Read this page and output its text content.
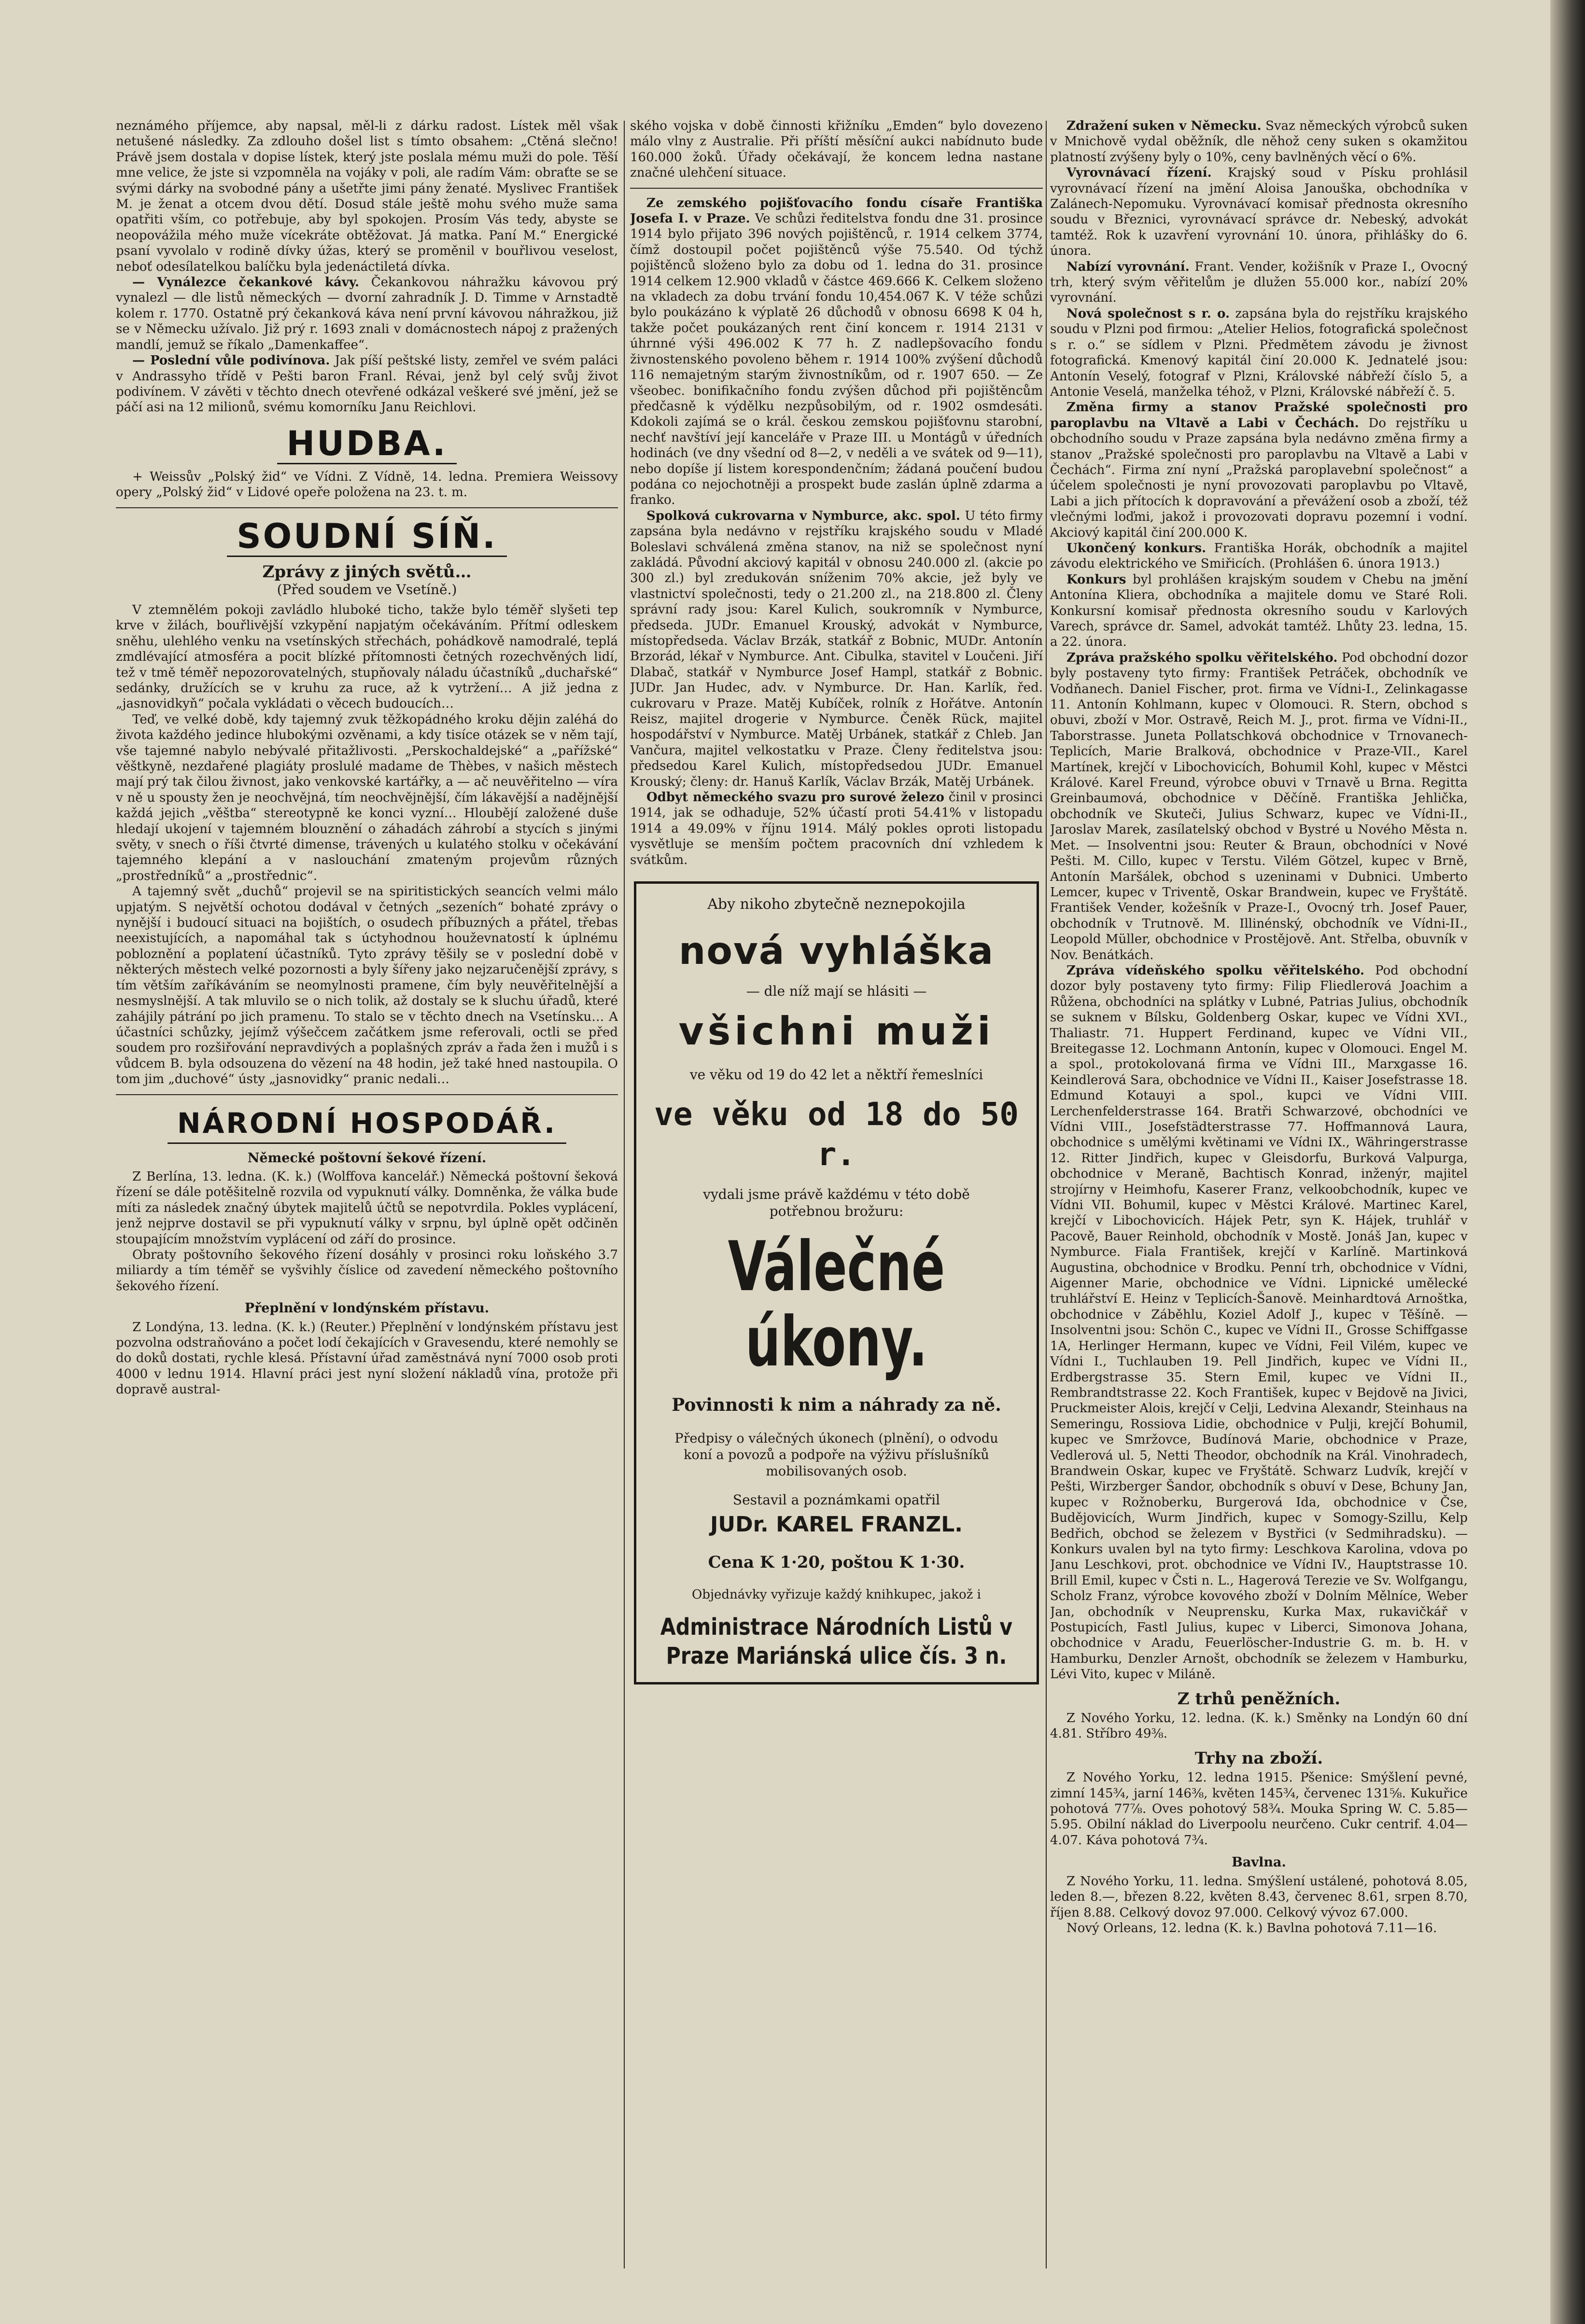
neznámého příjemce, aby napsal, měl-li z dárku radost. Lístek měl však netušené následky. Za zdlouho došel list s tímto obsahem: „Ctěná slečno! Právě jsem dostala v dopise lístek, který jste poslala mému muži do pole. Těší mne velice, že jste si vzpomněla na vojáky v poli, ale radím Vám: obraťte se se svými dárky na svobodné pány a ušetřte jimi pány ženaté. Myslivec František M. je ženat a otcem dvou dětí. Dosud stále ještě mohu svého muže sama opatřiti vším, co potřebuje, aby byl spokojen. Prosím Vás tedy, abyste se neopovážila mého muže vícekráte obtěžovat. Já matka. Paní M.“ Energické psaní vyvolalo v rodině dívky úžas, který se proměnil v bouřlivou veselost, neboť odesílatelkou balíčku byla jedenáctiletá dívka.

— Vynálezce čekankové kávy. Čekankovou náhražku kávovou prý vynalezl — dle listů německých — dvorní zahradník J. D. Timme v Arnstadtě kolem r. 1770. Ostatně prý čekanková káva není první kávovou náhražkou, již se v Německu užívalo. Již prý r. 1693 znali v domácnostech nápoj z pražených mandlí, jemuž se říkalo „Damenkaffee“.

— Poslední vůle podivínova. Jak píší peštské listy, zemřel ve svém paláci v Andrassyho třídě v Pešti baron Franl. Révai, jenž byl celý svůj život podivínem. V závěti v těchto dnech otevřené odkázal veškeré své jmění, jež se páčí asi na 12 milionů, svému komorníku Janu Reichlovi.

HUDBA.

+ Weissův „Polský žid“ ve Vídni. Z Vídně, 14. ledna. Premiera Weissovy opery „Polský žid“ v Lidové opeře položena na 23. t. m.

SOUDNÍ SÍŇ.

Zprávy z jiných světů…

(Před soudem ve Vsetíně.)

V ztemnělém pokoji zavládlo hluboké ticho, takže bylo téměř slyšeti tep krve v žilách, bouřlivější vzkypění napjatým očekáváním. Přítmí odleskem sněhu, ulehlého venku na vsetínských střechách, pohádkově namodralé, teplá zmdlévající atmosféra a pocit blízké přítomnosti četných rozechvěných lidí, tež v tmě téměř nepozorovatelných, stupňovaly náladu účastníků „duchařské“ sedánky, družících se v kruhu za ruce, až k vytržení… A již jedna z „jasnovidkyň“ počala vykládati o věcech budoucích…

Teď, ve velké době, kdy tajemný zvuk těžkopádného kroku dějin zaléhá do života každého jedince hlubokými ozvěnami, a kdy tisíce otázek se v něm tají, vše tajemné nabylo nebývalé přitažlivosti. „Perskochaldejské“ a „pařížské“ věštkyně, nezdařené plagiáty proslulé madame de Thèbes, v našich městech mají prý tak čilou živnost, jako venkovské kartářky, a — ač neuvěřitelno — víra v ně u spousty žen je neochvějná, tím neochvějnější, čím lákavější a nadějnější každá jejich „věštba“ stereotypně ke konci vyzní… Hloubějí založené duše hledají ukojení v tajemném blouznění o záhadách záhrobí a stycích s jinými světy, v snech o říši čtvrté dimense, trávených u kulatého stolku v očekávání tajemného klepání a v naslouchání zmateným projevům různých „prostředníků“ a „prostřednic“.

A tajemný svět „duchů“ projevil se na spiritistických seancích velmi málo upjatým. S největší ochotou dodával v četných „sezeních“ bohaté zprávy o nynější i budoucí situaci na bojištích, o osudech příbuzných a přátel, třebas neexistujících, a napomáhal tak s úctyhodnou houževnatostí k úplnému pobloznění a poplatení účastníků. Tyto zprávy těšily se v poslední době v některých městech velké pozornosti a byly šířeny jako nejzaručenější zprávy, s tím větším zaříkáváním se neomylnosti pramene, čím byly neuvěřitelnější a nesmyslnější. A tak mluvilo se o nich tolik, až dostaly se k sluchu úřadů, které zahájily pátrání po jich pramenu. To stalo se v těchto dnech na Vsetínsku… A účastníci schůzky, jejímž výšečcem začátkem jsme referovali, octli se před soudem pro rozšiřování nepravdivých a poplašných zpráv a řada žen i mužů i s vůdcem B. byla odsouzena do vězení na 48 hodin, jež také hned nastoupila. O tom jim „duchové“ ústy „jasnovidky“ pranic nedali…

NÁRODNÍ HOSPODÁŘ.

Německé poštovní šekové řízení.

Z Berlína, 13. ledna. (K. k.) (Wolffova kancelář.) Německá poštovní šeková řízení se dále potěšitelně rozvila od vypuknutí války. Domněnka, že válka bude míti za následek značný úbytek majitelů účtů se nepotvrdila. Pokles vyplácení, jenž nejprve dostavil se při vypuknutí války v srpnu, byl úplně opět odčiněn stoupajícím množstvím vyplácení od září do prosince.

Obraty poštovního šekového řízení dosáhly v prosinci roku loňského 3.7 miliardy a tím téměř se vyšvihly číslice od zavedení německého poštovního šekového řízení.

Přeplnění v londýnském přístavu.

Z Londýna, 13. ledna. (K. k.) (Reuter.) Přeplnění v londýnském přístavu jest pozvolna odstraňováno a počet lodí čekajících v Gravesendu, které nemohly se do doků dostati, rychle klesá. Přístavní úřad zaměstnává nyní 7000 osob proti 4000 v lednu 1914. Hlavní práci jest nyní složení nákladů vína, protože při dopravě austral-

ského vojska v době činnosti křižníku „Emden“ bylo dovezeno málo vlny z Australie. Při příští měsíční aukci nabídnuto bude 160.000 žoků. Úřady očekávají, že koncem ledna nastane značné ulehčení situace.

Ze zemského pojišťovacího fondu císaře Františka Josefa I. v Praze. Ve schůzi ředitelstva fondu dne 31. prosince 1914 bylo přijato 396 nových pojištěnců, r. 1914 celkem 3774, čímž dostoupil počet pojištěnců výše 75.540. Od týchž pojištěnců složeno bylo za dobu od 1. ledna do 31. prosince 1914 celkem 12.900 vkladů v částce 469.666 K. Celkem složeno na vkladech za dobu trvání fondu 10,454.067 K. V téže schůzi bylo poukázáno k výplatě 26 důchodů v obnosu 6698 K 04 h, takže počet poukázaných rent činí koncem r. 1914 2131 v úhrnné výši 496.002 K 77 h. Z nadlepšovacího fondu živnostenského povoleno během r. 1914 100% zvýšení důchodů 116 nemajetným starým živnostníkům, od r. 1907 650. — Ze všeobec. bonifikačního fondu zvýšen důchod při pojištěncům předčasně k výdělku nezpůsobilým, od r. 1902 osmdesáti. Kdokoli zajímá se o král. českou zemskou pojišťovnu starobní, nechť navštíví její kanceláře v Praze III. u Montágů v úředních hodinách (ve dny všední od 8—2, v neděli a ve svátek od 9—11), nebo dopíše jí listem korespondenčním; žádaná poučení budou podána co nejochotněji a prospekt bude zaslán úplně zdarma a franko.

Spolková cukrovarna v Nymburce, akc. spol. U této firmy zapsána byla nedávno v rejstříku krajského soudu v Mladé Boleslavi schválená změna stanov, na niž se společnost nyní zakládá. Původní akciový kapitál v obnosu 240.000 zl. (akcie po 300 zl.) byl zredukován sníženim 70% akcie, jež byly ve vlastnictví společnosti, tedy o 21.200 zl., na 218.800 zl. Členy správní rady jsou: Karel Kulich, soukromník v Nymburce, předseda. JUDr. Emanuel Krouský, advokát v Nymburce, místopředseda. Václav Brzák, statkář z Bobnic, MUDr. Antonín Brzorád, lékař v Nymburce. Ant. Cibulka, stavitel v Loučeni. Jiří Dlabač, statkář v Nymburce Josef Hampl, statkář z Bobnic. JUDr. Jan Hudec, adv. v Nymburce. Dr. Han. Karlík, řed. cukrovaru v Praze. Matěj Kubíček, rolník z Hořátve. Antonín Reisz, majitel drogerie v Nymburce. Čeněk Rück, majitel hospodářství v Nymburce. Matěj Urbánek, statkář z Chleb. Jan Vančura, majitel velkostatku v Praze. Členy ředitelstva jsou: předsedou Karel Kulich, místopředsedou JUDr. Emanuel Krouský; členy: dr. Hanuš Karlík, Václav Brzák, Matěj Urbánek.

Odbyt německého svazu pro surové železo činil v prosinci 1914, jak se odhaduje, 52% účastí proti 54.41% v listopadu 1914 a 49.09% v říjnu 1914. Málý pokles oproti listopadu vysvětluje se menším počtem pracovních dní vzhledem k svátkům.

Aby nikoho zbytečně neznepokojila
nová vyhláška
— dle níž mají se hlásiti —
všichni muži
ve věku od 19 do 42 let a něktří řemeslníci
ve věku od 18 do 50 r.
vydali jsme právě každému v této době potřebnou brožuru:
Válečné úkony.
Povinnosti k nim a náhrady za ně.
Předpisy o válečných úkonech (plnění), o odvodu koní a povozů a podpoře na výživu příslušníků mobilisovaných osob.
Sestavil a poznámkami opatřil
JUDr. KAREL FRANZL.
Cena K 1·20, poštou K 1·30.
Objednávky vyřizuje každý knihkupec, jakož i
Administrace Národních Listů v Praze Mariánská ulice čís. 3 n.

Zdražení suken v Německu. Svaz německých výrobců suken v Mnichově vydal oběžník, dle něhož ceny suken s okamžitou platností zvýšeny byly o 10%, ceny bavlněných věcí o 6%.

Vyrovnávací řízení. Krajský soud v Písku prohlásil vyrovnávací řízení na jmění Aloisa Janouška, obchodníka v Zalánech-Nepomuku. Vyrovnávací komisař přednosta okresního soudu v Březnici, vyrovnávací správce dr. Nebeský, advokát tamtéž. Rok k uzavření vyrovnání 10. února, přihlášky do 6. února.

Nabízí vyrovnání. Frant. Vender, kožišník v Praze I., Ovocný trh, který svým věřitelům je dlužen 55.000 kor., nabízí 20% vyrovnání.

Nová společnost s r. o. zapsána byla do rejstříku krajského soudu v Plzni pod firmou: „Atelier Helios, fotografická společnost s r. o.“ se sídlem v Plzni. Předmětem závodu je živnost fotografická. Kmenový kapitál činí 20.000 K. Jednatelé jsou: Antonín Veselý, fotograf v Plzni, Královské nábřeží číslo 5, a Antonie Veselá, manželka téhož, v Plzni, Královské nábřeží č. 5.

Změna firmy a stanov Pražské společnosti pro paroplavbu na Vltavě a Labi v Čechách. Do rejstříku u obchodního soudu v Praze zapsána byla nedávno změna firmy a stanov „Pražské společnosti pro paroplavbu na Vltavě a Labi v Čechách“. Firma zní nyní „Pražská paroplavební společnost“ a účelem společnosti je nyní provozovati paroplavbu po Vltavě, Labi a jich přítocích k dopravování a převážení osob a zboží, též vlečnými loďmi, jakož i provozovati dopravu pozemní i vodní. Akciový kapitál činí 200.000 K.

Ukončený konkurs. Františka Horák, obchodník a majitel závodu elektrického ve Smiřicích. (Prohlášen 6. února 1913.)

Konkurs byl prohlášen krajským soudem v Chebu na jmění Antonína Kliera, obchodníka a majitele domu ve Staré Roli. Konkursní komisař přednosta okresního soudu v Karlových Varech, správce dr. Samel, advokát tamtéž. Lhůty 23. ledna, 15. a 22. února.

Zpráva pražského spolku věřitelského. Pod obchodní dozor byly postaveny tyto firmy: František Petráček, obchodník ve Vodňanech. Daniel Fischer, prot. firma ve Vídni-I., Zelinkagasse 11. Antonín Kohlmann, kupec v Olomouci. R. Stern, obchod s obuvi, zboží v Mor. Ostravě, Reich M. J., prot. firma ve Vídni-II., Taborstrasse. Juneta Pollatschková obchodnice v Trnovanech-Teplicích, Marie Bralková, obchodnice v Praze-VII., Karel Martínek, krejčí v Libochovicích, Bohumil Kohl, kupec v Městci Králové. Karel Freund, výrobce obuvi v Trnavě u Brna. Regitta Greinbaumová, obchodnice v Děčíně. Františka Jehlička, obchodník ve Skuteči, Julius Schwarz, kupec ve Vídni-II., Jaroslav Marek, zasílatelský obchod v Bystré u Nového Města n. Met. — Insolventni jsou: Reuter & Braun, obchodníci v Nové Pešti. M. Cillo, kupec v Terstu. Vilém Götzel, kupec v Brně, Antonín Maršálek, obchod s uzeninami v Dubnici. Umberto Lemcer, kupec v Triventě, Oskar Brandwein, kupec ve Fryštátě. František Vender, kožešník v Praze-I., Ovocný trh. Josef Pauer, obchodník v Trutnově. M. Illinénský, obchodník ve Vídni-II., Leopold Müller, obchodnice v Prostějově. Ant. Střelba, obuvník v Nov. Benátkách.

Zpráva vídeňského spolku věřitelského. Pod obchodní dozor byly postaveny tyto firmy: Filip Fliedlerová Joachim a Růžena, obchodníci na splátky v Lubné, Patrias Julius, obchodník se suknem v Bílsku, Goldenberg Oskar, kupec ve Vídni XVI., Thaliastr. 71. Huppert Ferdinand, kupec ve Vídni VII., Breitegasse 12. Lochmann Antonín, kupec v Olomouci. Engel M. a spol., protokolovaná firma ve Vídni III., Marxgasse 16. Keindlerová Sara, obchodnice ve Vídni II., Kaiser Josefstrasse 18. Edmund Kotauyi a spol., kupci ve Vídni VIII. Lerchenfelderstrasse 164. Bratři Schwarzové, obchodníci ve Vídni VIII., Josefstädterstrasse 77. Hoffmannová Laura, obchodnice s umělými květinami ve Vídni IX., Währingerstrasse 12. Ritter Jindřich, kupec v Gleisdorfu, Burková Valpurga, obchodnice v Meraně, Bachtisch Konrad, inženýr, majitel strojírny v Heimhofu, Kaserer Franz, velkoobchodník, kupec ve Vídni VII. Bohumil, kupec v Městci Králové. Martinec Karel, krejčí v Libochovicích. Hájek Petr, syn K. Hájek, truhlář v Pacově, Bauer Reinhold, obchodník v Mostě. Jonáš Jan, kupec v Nymburce. Fiala František, krejčí v Karlíně. Martinková Augustina, obchodnice v Brodku. Penní trh, obchodnice v Vídni, Aigenner Marie, obchodnice ve Vídni. Lipnické umělecké truhlářství E. Heinz v Teplicích-Šanově. Meinhardtová Arnoštka, obchodnice v Záběhlu, Koziel Adolf J., kupec v Těšíně. — Insolventni jsou: Schön C., kupec ve Vídni II., Grosse Schiffgasse 1A, Herlinger Hermann, kupec ve Vídni, Feil Vilém, kupec ve Vídni I., Tuchlauben 19. Pell Jindřich, kupec ve Vídni II., Erdbergstrasse 35. Stern Emil, kupec ve Vídni II., Rembrandtstrasse 22. Koch František, kupec v Bejdově na Jivici, Pruckmeister Alois, krejčí v Celji, Ledvina Alexandr, Steinhaus na Semeringu, Rossiova Lidie, obchodnice v Pulji, krejčí Bohumil, kupec ve Smržovce, Budínová Marie, obchodnice v Praze, Vedlerová ul. 5, Netti Theodor, obchodník na Král. Vinohradech, Brandwein Oskar, kupec ve Fryštátě. Schwarz Ludvík, krejčí v Pešti, Wirzberger Šandor, obchodník s obuví v Dese, Bchuny Jan, kupec v Rožnoberku, Burgerová Ida, obchodnice v Čse, Budějovicích, Wurm Jindřich, kupec v Somogy-Szillu, Kelp Bedřich, obchod se železem v Bystřici (v Sedmihradsku). — Konkurs uvalen byl na tyto firmy: Leschkova Karolina, vdova po Janu Leschkovi, prot. obchodnice ve Vídni IV., Hauptstrasse 10. Brill Emil, kupec v Čsti n. L., Hagerová Terezie ve Sv. Wolfgangu, Scholz Franz, výrobce kovového zboží v Dolním Mělníce, Weber Jan, obchodník v Neuprensku, Kurka Max, rukavičkář v Postupicích, Fastl Julius, kupec v Liberci, Simonova Johana, obchodnice v Aradu, Feuerlöscher-Industrie G. m. b. H. v Hamburku, Denzler Arnošt, obchodník se železem v Hamburku, Lévi Vito, kupec v Miláně.

Z trhů peněžních.

Z Nového Yorku, 12. ledna. (K. k.) Směnky na Londýn 60 dní 4.81. Stříbro 49⅜.

Trhy na zboží.

Z Nového Yorku, 12. ledna 1915. Pšenice: Smýšlení pevné, zimní 145¾, jarní 146⅜, květen 145¾, červenec 131⅝. Kukuřice pohotová 77⅞. Oves pohotový 58¾. Mouka Spring W. C. 5.85—5.95. Obilní náklad do Liverpoolu neurčeno. Cukr centrif. 4.04—4.07. Káva pohotová 7¾.

Bavlna.

Z Nového Yorku, 11. ledna. Smýšlení ustálené, pohotová 8.05, leden 8.—, březen 8.22, květen 8.43, červenec 8.61, srpen 8.70, říjen 8.88. Celkový dovoz 97.000. Celkový vývoz 67.000.

Nový Orleans, 12. ledna (K. k.) Bavlna pohotová 7.11—16.
